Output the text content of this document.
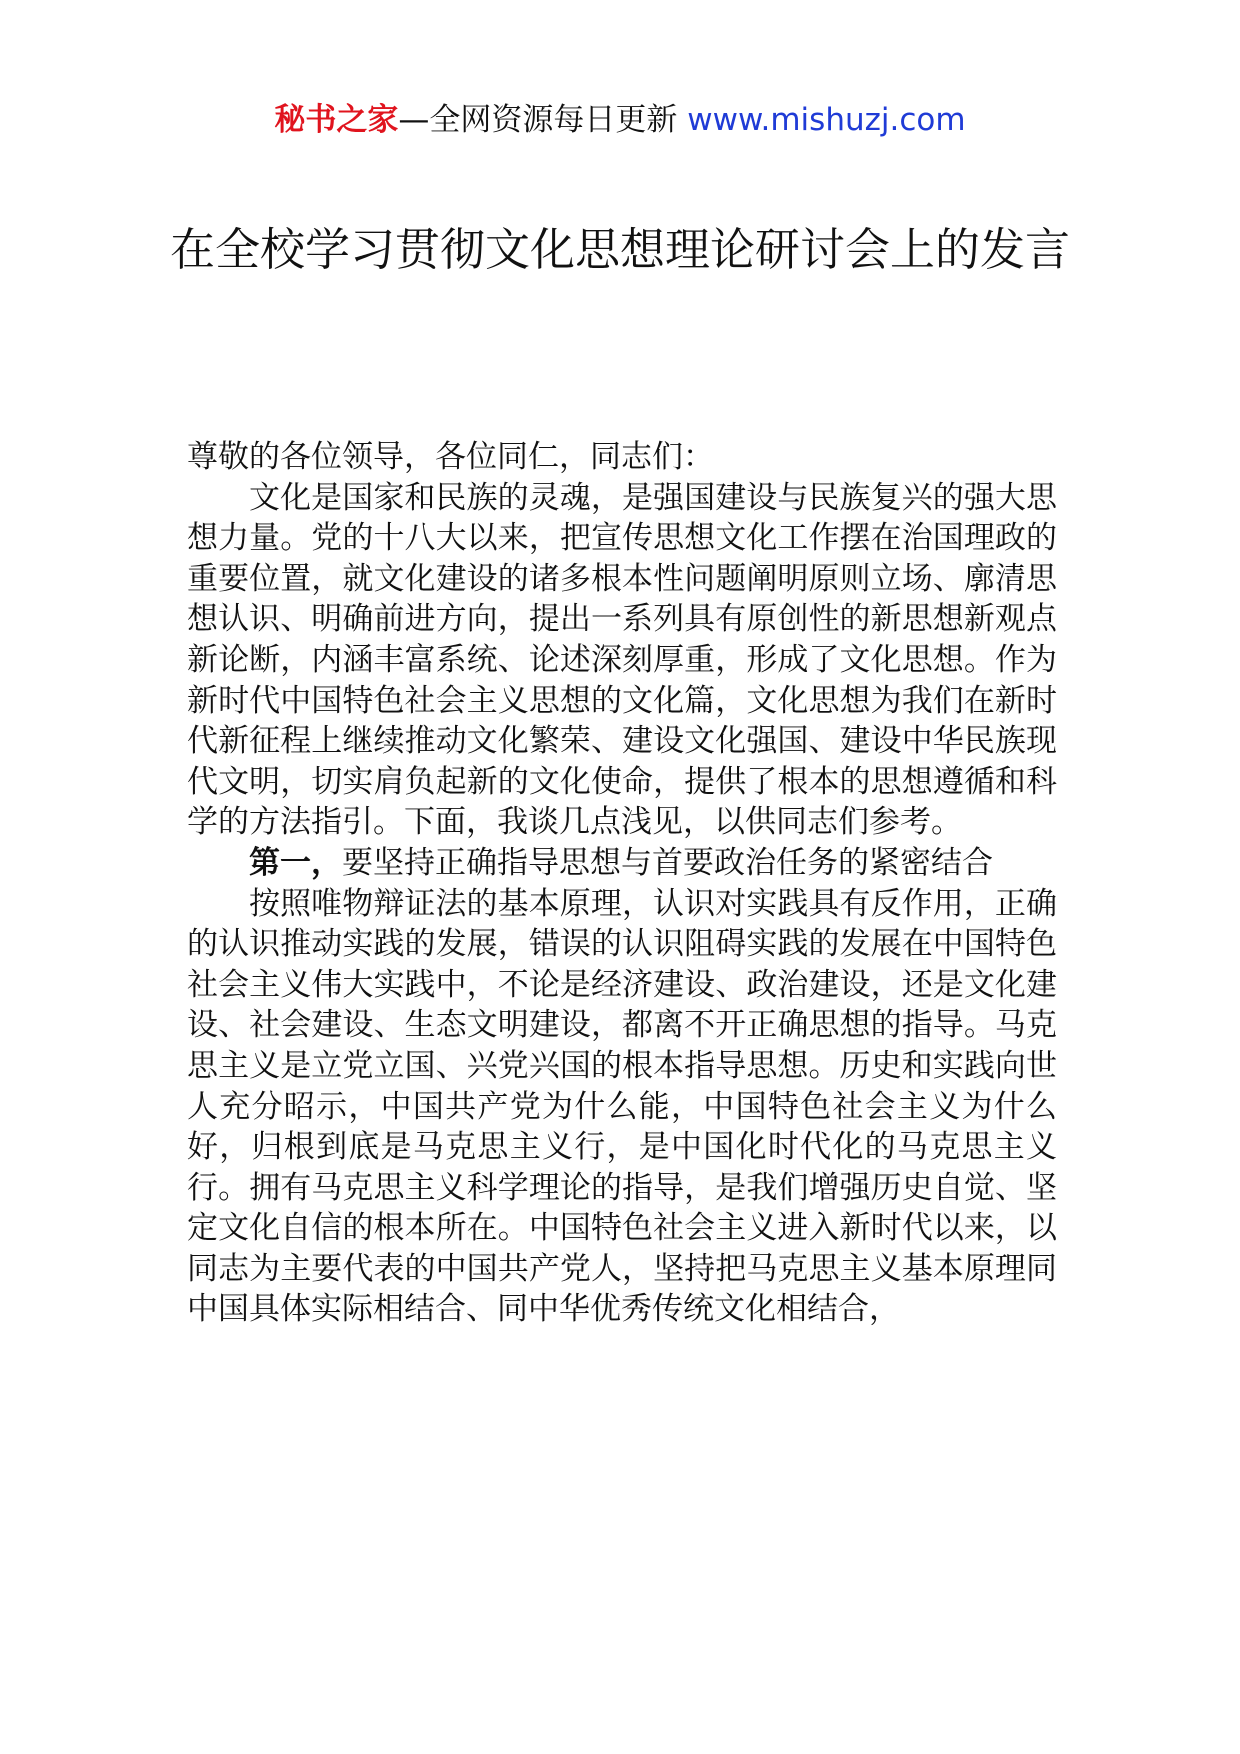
秘书之家—全网资源每日更新 www.mishuzj.com
在全校学习贯彻文化思想理论研讨会上的发言

尊敬的各位领导，各位同仁，同志们：

文化是国家和民族的灵魂，是强国建设与民族复兴的强大思想力量。党的十八大以来，把宣传思想文化工作摆在治国理政的重要位置，就文化建设的诸多根本性问题阐明原则立场、廓清思想认识、明确前进方向，提出一系列具有原创性的新思想新观点新论断，内涵丰富系统、论述深刻厚重，形成了文化思想。作为新时代中国特色社会主义思想的文化篇，文化思想为我们在新时代新征程上继续推动文化繁荣、建设文化强国、建设中华民族现代文明，切实肩负起新的文化使命，提供了根本的思想遵循和科学的方法指引。下面，我谈几点浅见，以供同志们参考。

第一，要坚持正确指导思想与首要政治任务的紧密结合

按照唯物辩证法的基本原理，认识对实践具有反作用，正确的认识推动实践的发展，错误的认识阻碍实践的发展在中国特色社会主义伟大实践中，不论是经济建设、政治建设，还是文化建设、社会建设、生态文明建设，都离不开正确思想的指导。马克思主义是立党立国、兴党兴国的根本指导思想。历史和实践向世人充分昭示，中国共产党为什么能，中国特色社会主义为什么好，归根到底是马克思主义行，是中国化时代化的马克思主义行。拥有马克思主义科学理论的指导，是我们增强历史自觉、坚定文化自信的根本所在。中国特色社会主义进入新时代以来，以同志为主要代表的中国共产党人，坚持把马克思主义基本原理同中国具体实际相结合、同中华优秀传统文化相结合，
